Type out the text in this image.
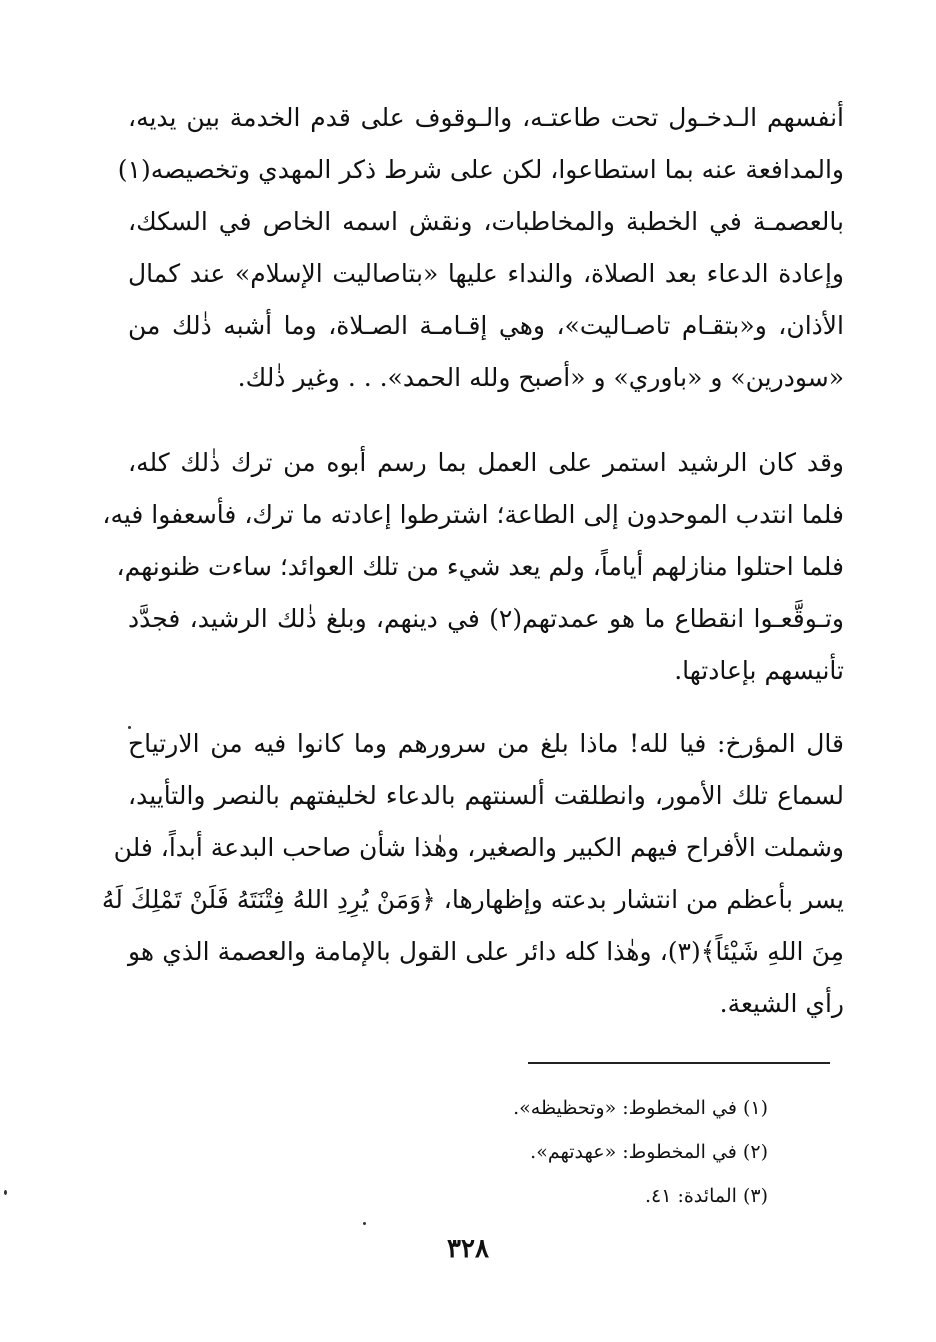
أنفسهم الـدخـول تحت طاعتـه، والـوقوف على قدم الخدمة بين يديه،
والمدافعة عنه بما استطاعوا، لكن على شرط ذكر المهدي وتخصيصه(١)
بالعصمـة في الخطبة والمخاطبات، ونقش اسمه الخاص في السكك،
وإعادة الدعاء بعد الصلاة، والنداء عليها «بتاصاليت الإسلام» عند كمال
الأذان، و«بتقـام تاصـاليت»، وهي إقـامـة الصـلاة، وما أشبه ذٰلك من
«سودرين» و «باوري» و «أصبح ولله الحمد». . . وغير ذٰلك.
وقد كان الرشيد استمر على العمل بما رسم أبوه من ترك ذٰلك كله،
فلما انتدب الموحدون إلى الطاعة؛ اشترطوا إعادته ما ترك، فأسعفوا فيه،
فلما احتلوا منازلهم أياماً، ولم يعد شيء من تلك العوائد؛ ساءت ظنونهم،
وتـوقَّعـوا انقطاع ما هو عمدتهم(٢) في دينهم، وبلغ ذٰلك الرشيد، فجدَّد
تأنيسهم بإعادتها.
قال المؤرخ: فيا لله! ماذا بلغ من سرورهم وما كانوا فيه من الارتياح
لسماع تلك الأمور، وانطلقت ألسنتهم بالدعاء لخليفتهم بالنصر والتأييد،
وشملت الأفراح فيهم الكبير والصغير، وهٰذا شأن صاحب البدعة أبداً، فلن
يسر بأعظم من انتشار بدعته وإظهارها، ﴿وَمَنْ يُرِدِ اللهُ فِتْنَتَهُ فَلَنْ تَمْلِكَ لَهُ
مِنَ اللهِ شَيْئاً﴾(٣)، وهٰذا كله دائر على القول بالإمامة والعصمة الذي هو
رأي الشيعة.
(١) في المخطوط: «وتحظيظه».
(٢) في المخطوط: «عهدتهم».
(٣) المائدة: ٤١.
٣٢٨
